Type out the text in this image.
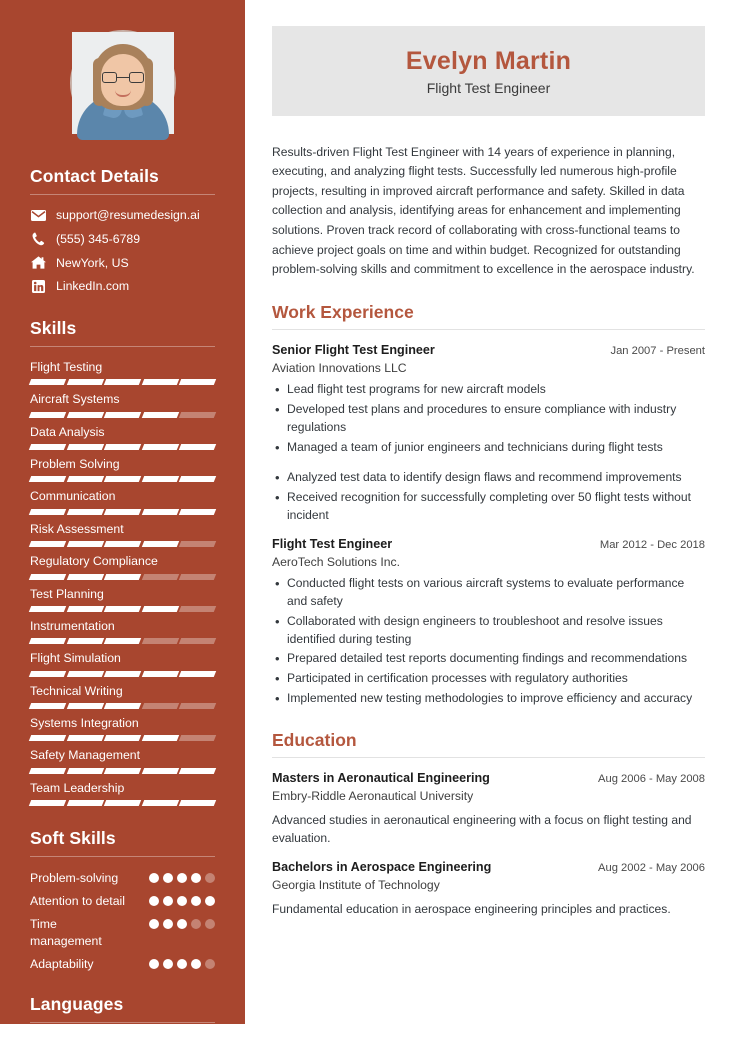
Contact Details
support@resumedesign.ai
(555) 345-6789
NewYork, US
LinkedIn.com
Skills
Flight Testing
Aircraft Systems
Data Analysis
Problem Solving
Communication
Risk Assessment
Regulatory Compliance
Test Planning
Instrumentation
Flight Simulation
Technical Writing
Systems Integration
Safety Management
Team Leadership
Soft Skills
Problem-solving
Attention to detail
Time management
Adaptability
Languages
English	Spanish
Evelyn Martin
Flight Test Engineer

Results-driven Flight Test Engineer with 14 years of experience in planning, executing, and analyzing flight tests. Successfully led numerous high-profile projects, resulting in improved aircraft performance and safety. Skilled in data collection and analysis, identifying areas for enhancement and implementing solutions. Proven track record of collaborating with cross-functional teams to achieve project goals on time and within budget. Recognized for outstanding problem-solving skills and commitment to excellence in the aerospace industry.

Work Experience
Senior Flight Test Engineer	Jan 2007 - Present
Aviation Innovations LLC
• Lead flight test programs for new aircraft models
• Developed test plans and procedures to ensure compliance with industry regulations
• Managed a team of junior engineers and technicians during flight tests
• Analyzed test data to identify design flaws and recommend improvements
• Received recognition for successfully completing over 50 flight tests without incident
Flight Test Engineer	Mar 2012 - Dec 2018
AeroTech Solutions Inc.
• Conducted flight tests on various aircraft systems to evaluate performance and safety
• Collaborated with design engineers to troubleshoot and resolve issues identified during testing
• Prepared detailed test reports documenting findings and recommendations
• Participated in certification processes with regulatory authorities
• Implemented new testing methodologies to improve efficiency and accuracy
Education
Masters in Aeronautical Engineering	Aug 2006 - May 2008
Embry-Riddle Aeronautical University
Advanced studies in aeronautical engineering with a focus on flight testing and evaluation.
Bachelors in Aerospace Engineering	Aug 2002 - May 2006
Georgia Institute of Technology
Fundamental education in aerospace engineering principles and practices.
